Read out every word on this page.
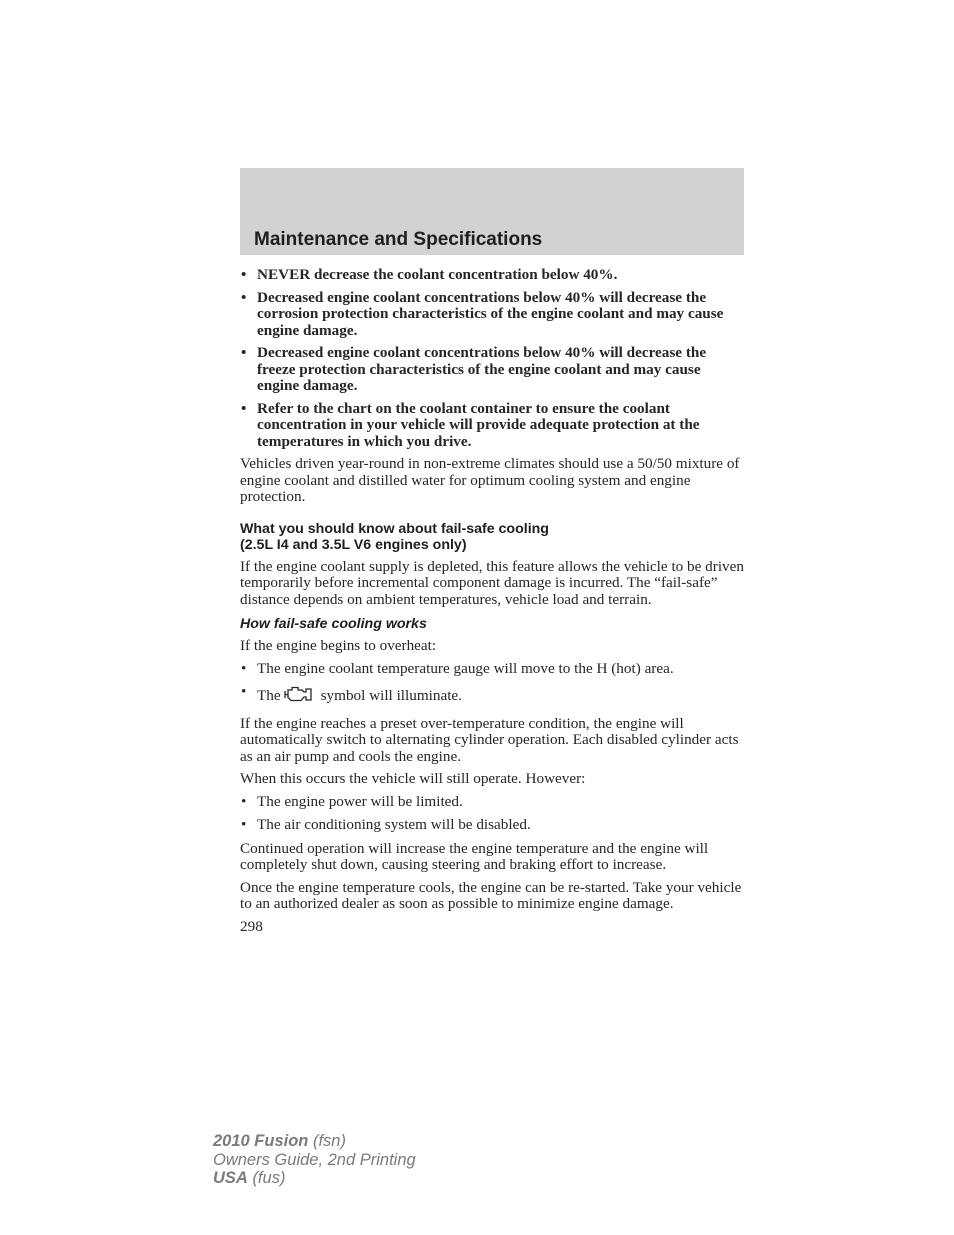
Maintenance and Specifications
• NEVER decrease the coolant concentration below 40%.
• Decreased engine coolant concentrations below 40% will decrease the corrosion protection characteristics of the engine coolant and may cause engine damage.
• Decreased engine coolant concentrations below 40% will decrease the freeze protection characteristics of the engine coolant and may cause engine damage.
• Refer to the chart on the coolant container to ensure the coolant concentration in your vehicle will provide adequate protection at the temperatures in which you drive.

Vehicles driven year-round in non-extreme climates should use a 50/50 mixture of engine coolant and distilled water for optimum cooling system and engine protection.

What you should know about fail-safe cooling
(2.5L I4 and 3.5L V6 engines only)

If the engine coolant supply is depleted, this feature allows the vehicle to be driven temporarily before incremental component damage is incurred. The “fail-safe” distance depends on ambient temperatures, vehicle load and terrain.

How fail-safe cooling works

If the engine begins to overheat:

• The engine coolant temperature gauge will move to the H (hot) area.
• The	symbol will illuminate.

If the engine reaches a preset over-temperature condition, the engine will automatically switch to alternating cylinder operation. Each disabled cylinder acts as an air pump and cools the engine.

When this occurs the vehicle will still operate. However:

• The engine power will be limited.
• The air conditioning system will be disabled.

Continued operation will increase the engine temperature and the engine will completely shut down, causing steering and braking effort to increase.

Once the engine temperature cools, the engine can be re-started. Take your vehicle to an authorized dealer as soon as possible to minimize engine damage.

298

2010 Fusion (fsn)
Owners Guide, 2nd Printing
USA (fus)
